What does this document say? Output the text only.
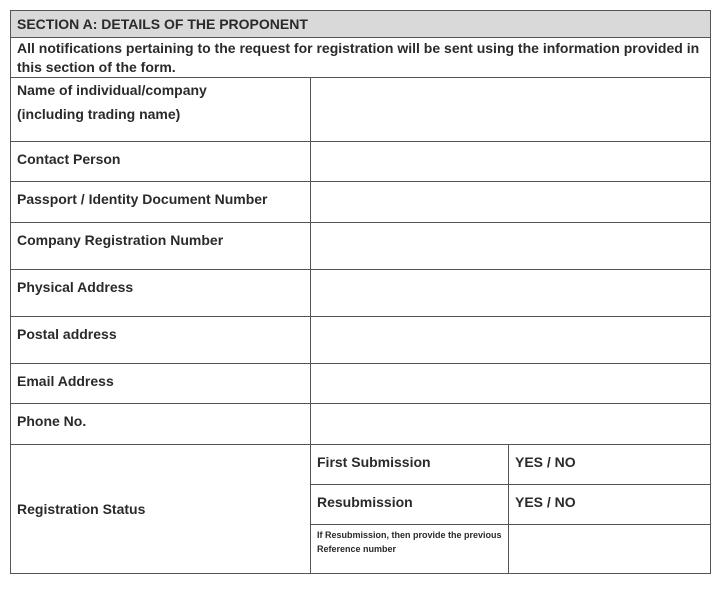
SECTION A: DETAILS OF THE PROPONENT		
All notifications pertaining to the request for registration will be sent using the information provided in this section of the form.		

Name of individual/company
(including trading name)		

Contact Person		
Passport / Identity Document Number		
Company Registration Number		
Physical Address		
Postal address		
Email Address		
Phone No.		
Registration Status	First Submission	YES / NO
	Resubmission	YES / NO
	If Resubmission, then provide the previous Reference number	
